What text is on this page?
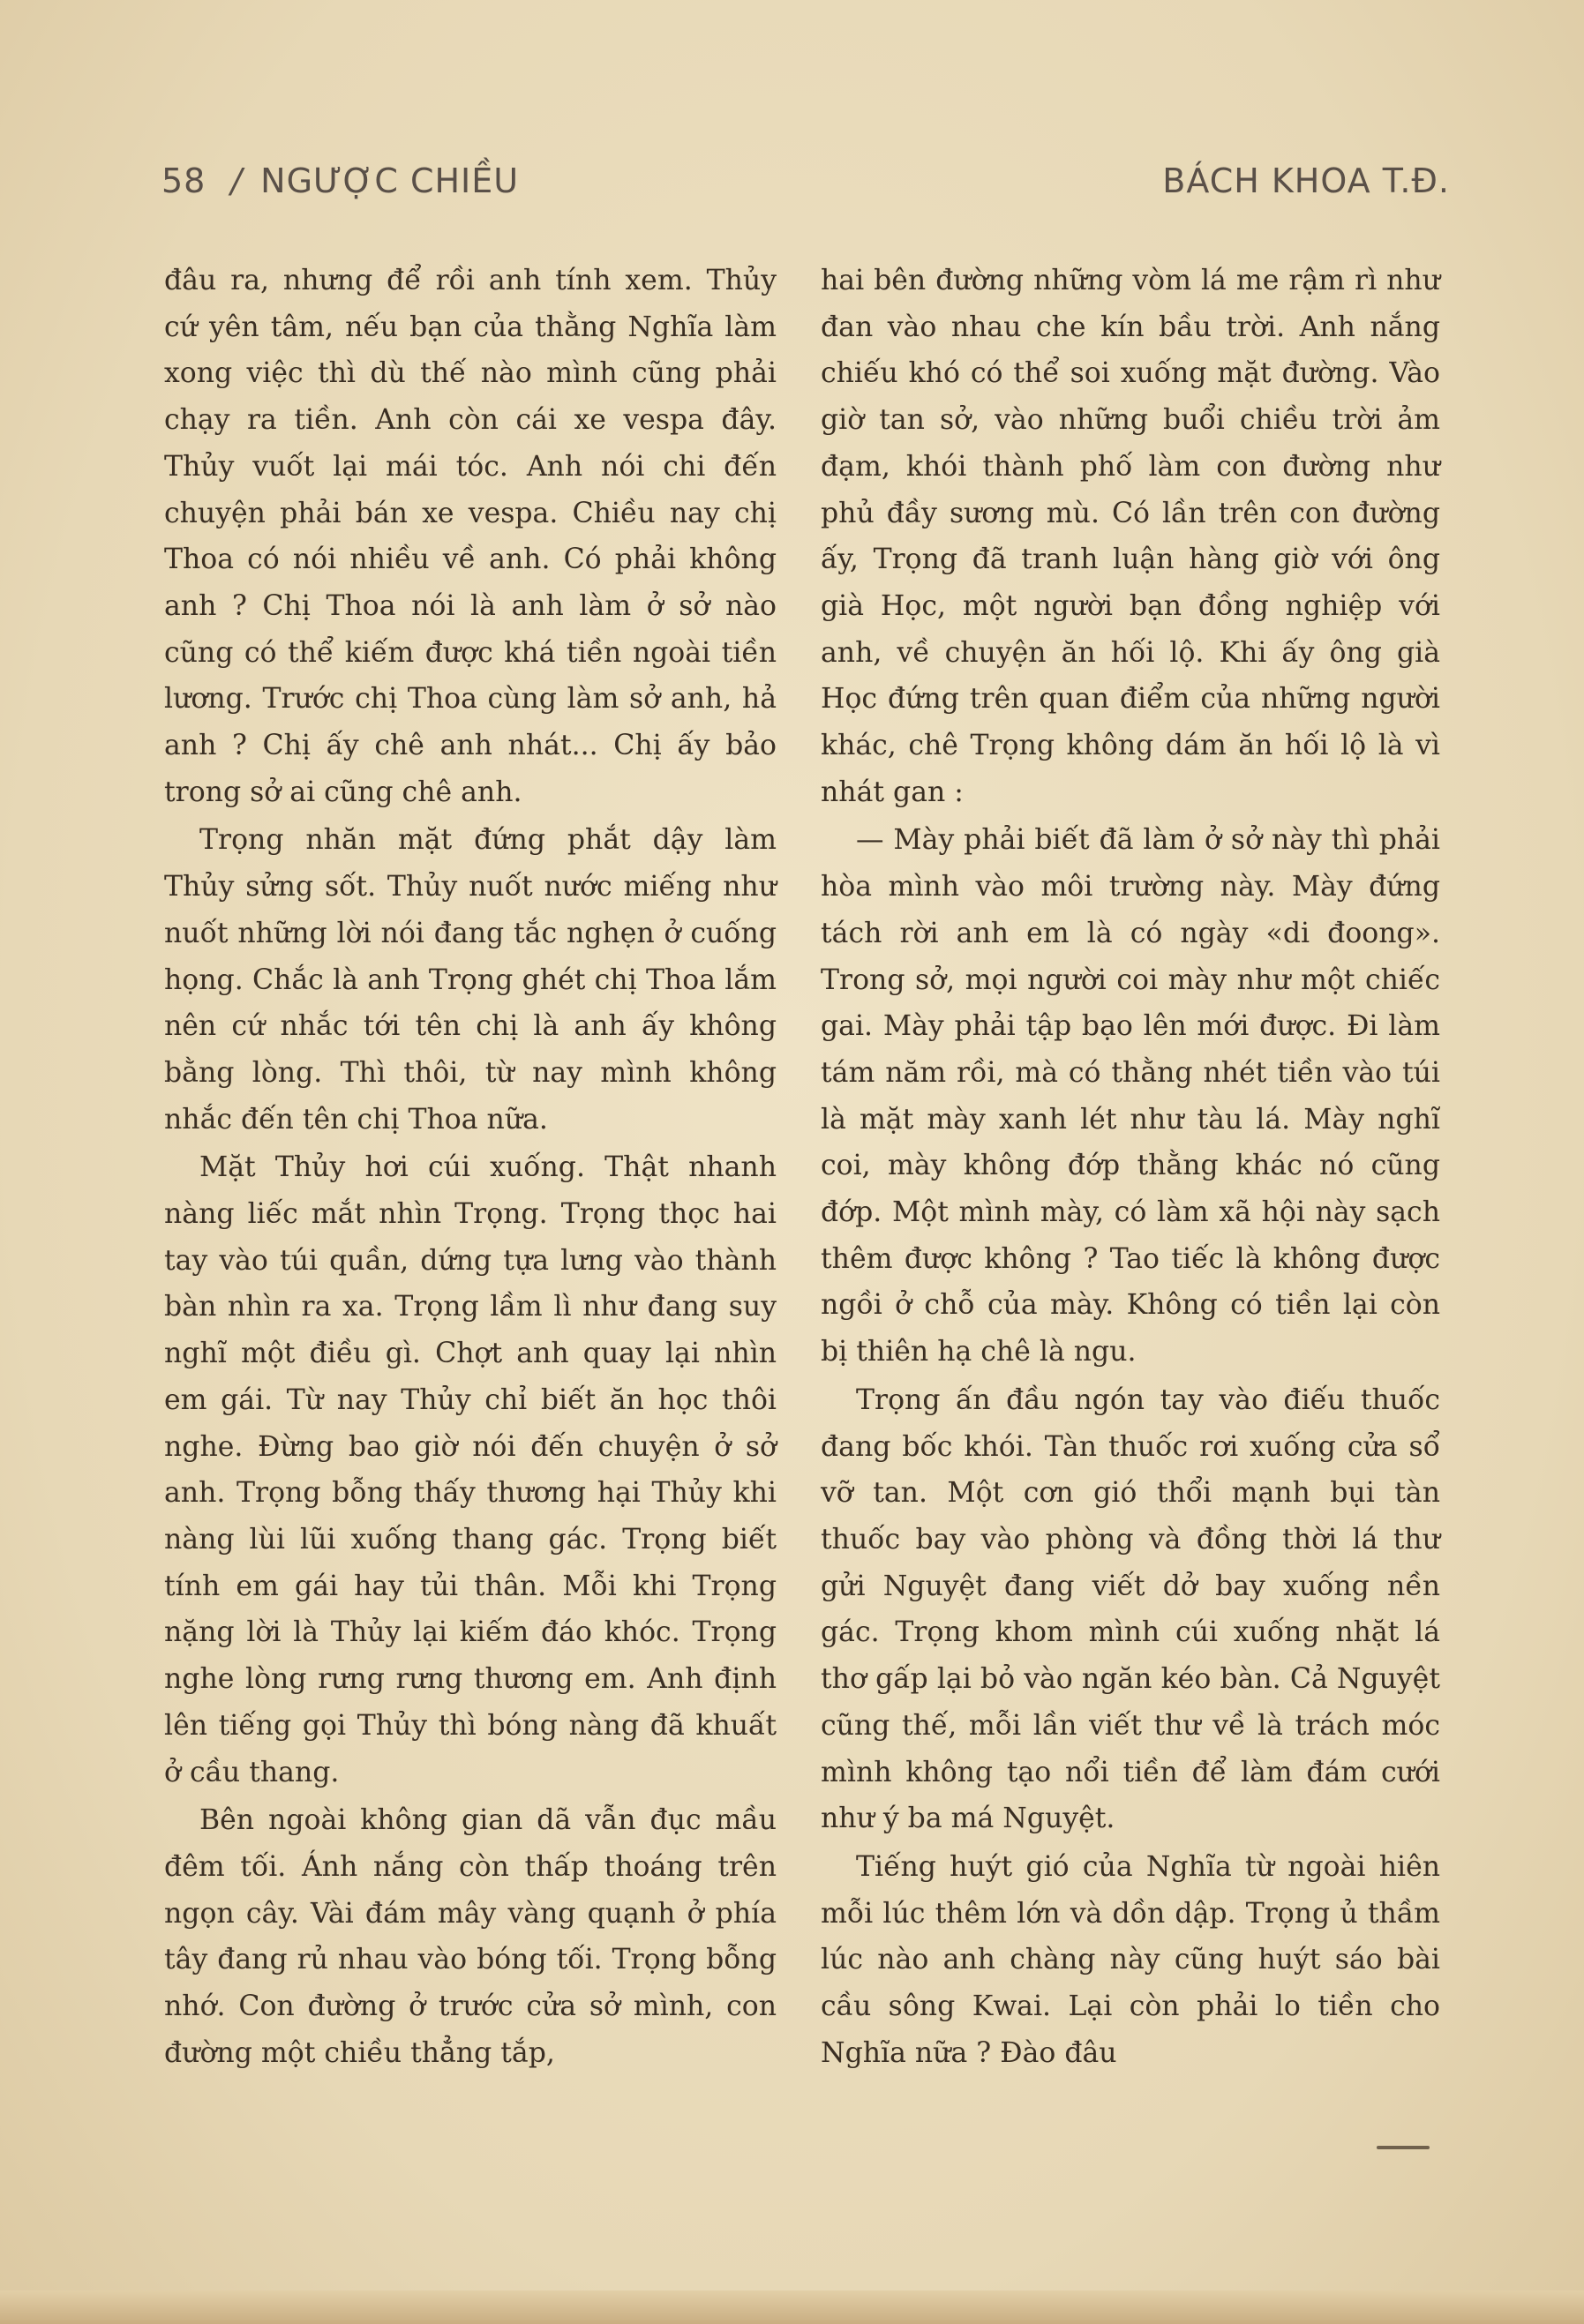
58 / NGƯỢC CHIỀU	BÁCH KHOA T.Đ.

đâu ra, nhưng để rồi anh tính xem. Thủy cứ yên tâm, nếu bạn của thằng Nghĩa làm xong việc thì dù thế nào mình cũng phải chạy ra tiền. Anh còn cái xe vespa đây. Thủy vuốt lại mái tóc. Anh nói chi đến chuyện phải bán xe vespa. Chiều nay chị Thoa có nói nhiều về anh. Có phải không anh ? Chị Thoa nói là anh làm ở sở nào cũng có thể kiếm được khá tiền ngoài tiền lương. Trước chị Thoa cùng làm sở anh, hả anh ? Chị ấy chê anh nhát... Chị ấy bảo trong sở ai cũng chê anh.

Trọng nhăn mặt đứng phắt dậy làm Thủy sửng sốt. Thủy nuốt nước miếng như nuốt những lời nói đang tắc nghẹn ở cuống họng. Chắc là anh Trọng ghét chị Thoa lắm nên cứ nhắc tới tên chị là anh ấy không bằng lòng. Thì thôi, từ nay mình không nhắc đến tên chị Thoa nữa.

Mặt Thủy hơi cúi xuống. Thật nhanh nàng liếc mắt nhìn Trọng. Trọng thọc hai tay vào túi quần, dứng tựa lưng vào thành bàn nhìn ra xa. Trọng lầm lì như đang suy nghĩ một điều gì. Chợt anh quay lại nhìn em gái. Từ nay Thủy chỉ biết ăn học thôi nghe. Đừng bao giờ nói đến chuyện ở sở anh. Trọng bỗng thấy thương hại Thủy khi nàng lùi lũi xuống thang gác. Trọng biết tính em gái hay tủi thân. Mỗi khi Trọng nặng lời là Thủy lại kiếm đáo khóc. Trọng nghe lòng rưng rưng thương em. Anh định lên tiếng gọi Thủy thì bóng nàng đã khuất ở cầu thang.

Bên ngoài không gian dã vẫn đục mầu đêm tối. Ánh nắng còn thấp thoáng trên ngọn cây. Vài đám mây vàng quạnh ở phía tây đang rủ nhau vào bóng tối. Trọng bỗng nhớ. Con đường ở trước cửa sở mình, con đường một chiều thẳng tắp,

hai bên đường những vòm lá me rậm rì như đan vào nhau che kín bầu trời. Anh nắng chiếu khó có thể soi xuống mặt đường. Vào giờ tan sở, vào những buổi chiều trời ảm đạm, khói thành phố làm con đường như phủ đầy sương mù. Có lần trên con đường ấy, Trọng đã tranh luận hàng giờ với ông già Học, một người bạn đồng nghiệp với anh, về chuyện ăn hối lộ. Khi ấy ông già Học đứng trên quan điểm của những người khác, chê Trọng không dám ăn hối lộ là vì nhát gan :

— Mày phải biết đã làm ở sở này thì phải hòa mình vào môi trường này. Mày đứng tách rời anh em là có ngày «di đoong». Trong sở, mọi người coi mày như một chiếc gai. Mày phải tập bạo lên mới được. Đi làm tám năm rồi, mà có thằng nhét tiền vào túi là mặt mày xanh lét như tàu lá. Mày nghĩ coi, mày không đớp thằng khác nó cũng đớp. Một mình mày, có làm xã hội này sạch thêm được không ? Tao tiếc là không được ngồi ở chỗ của mày. Không có tiền lại còn bị thiên hạ chê là ngu.

Trọng ấn đầu ngón tay vào điếu thuốc đang bốc khói. Tàn thuốc rơi xuống cửa sổ vỡ tan. Một cơn gió thổi mạnh bụi tàn thuốc bay vào phòng và đồng thời lá thư gửi Nguyệt đang viết dở bay xuống nền gác. Trọng khom mình cúi xuống nhặt lá thơ gấp lại bỏ vào ngăn kéo bàn. Cả Nguyệt cũng thế, mỗi lần viết thư về là trách móc mình không tạo nổi tiền để làm đám cưới như ý ba má Nguyệt.

Tiếng huýt gió của Nghĩa từ ngoài hiên mỗi lúc thêm lớn và dồn dập. Trọng ủ thầm lúc nào anh chàng này cũng huýt sáo bài cầu sông Kwai. Lại còn phải lo tiền cho Nghĩa nữa ? Đào đâu
